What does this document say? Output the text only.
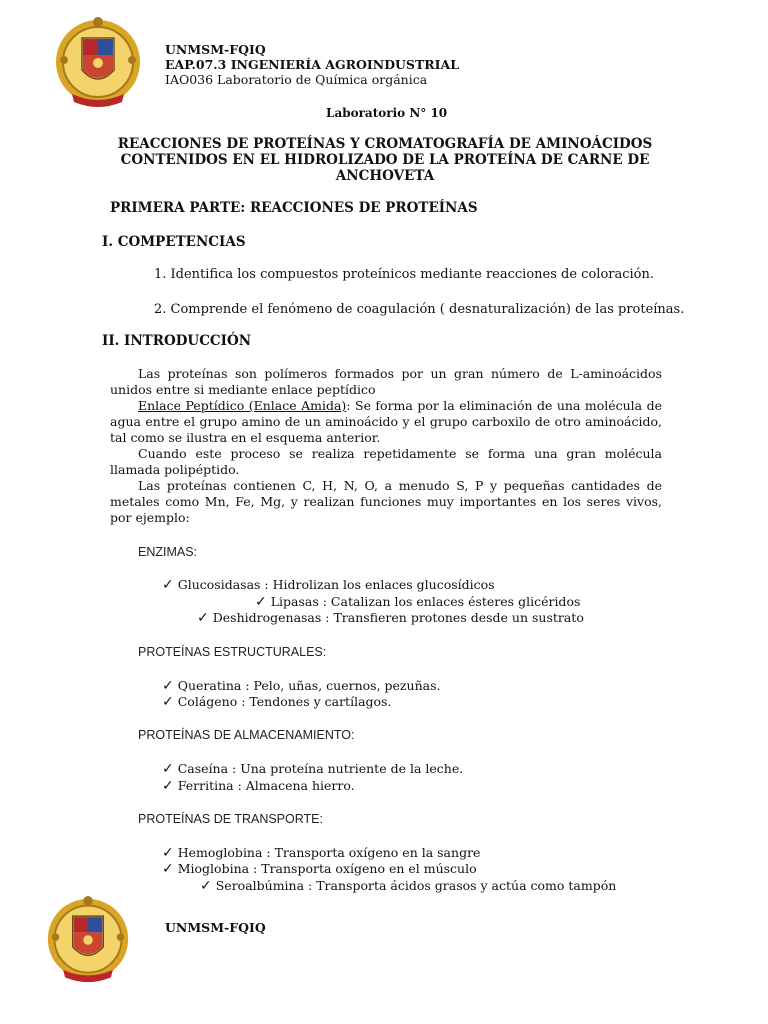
UNMSM-FQIQ
EAP.07.3 INGENIERÍA AGROINDUSTRIAL
IAO036 Laboratorio de Química orgánica
Laboratorio N° 10
REACCIONES DE PROTEÍNAS Y CROMATOGRAFÍA DE AMINOÁCIDOS CONTENIDOS EN EL HIDROLIZADO DE LA PROTEÍNA DE CARNE DE ANCHOVETA
PRIMERA PARTE: REACCIONES DE PROTEÍNAS
I. COMPETENCIAS
1. Identifica los compuestos proteínicos mediante reacciones de coloración.
2. Comprende el fenómeno de coagulación ( desnaturalización) de las proteínas.
II. INTRODUCCIÓN

Las proteínas son polímeros formados por un gran número de L-aminoácidos unidos entre si mediante enlace peptídico

Enlace Peptídico (Enlace Amida): Se forma por la eliminación de una molécula de agua entre el grupo amino de un aminoácido y el grupo carboxilo de otro aminoácido, tal como se ilustra en el esquema anterior.

Cuando este proceso se realiza repetidamente se forma una gran molécula llamada polipéptido.

Las proteínas contienen C, H, N, O, a menudo S, P y pequeñas cantidades de metales como Mn, Fe, Mg, y realizan funciones muy importantes en los seres vivos, por ejemplo:

ENZIMAS:
✓ Glucosidasas : Hidrolizan los enlaces glucosídicos
✓ Lipasas : Catalizan los enlaces ésteres glicéridos
✓ Deshidrogenasas : Transfieren protones desde un sustrato
PROTEÍNAS ESTRUCTURALES:
✓ Queratina : Pelo, uñas, cuernos, pezuñas.
✓ Colágeno : Tendones y cartílagos.
PROTEÍNAS DE ALMACENAMIENTO:
✓ Caseína : Una proteína nutriente de la leche.
✓ Ferritina : Almacena hierro.
PROTEÍNAS DE TRANSPORTE:
✓ Hemoglobina : Transporta oxígeno en la sangre
✓ Mioglobina : Transporta oxígeno en el músculo
✓ Seroalbúmina : Transporta ácidos grasos y actúa como tampón
UNMSM-FQIQ
